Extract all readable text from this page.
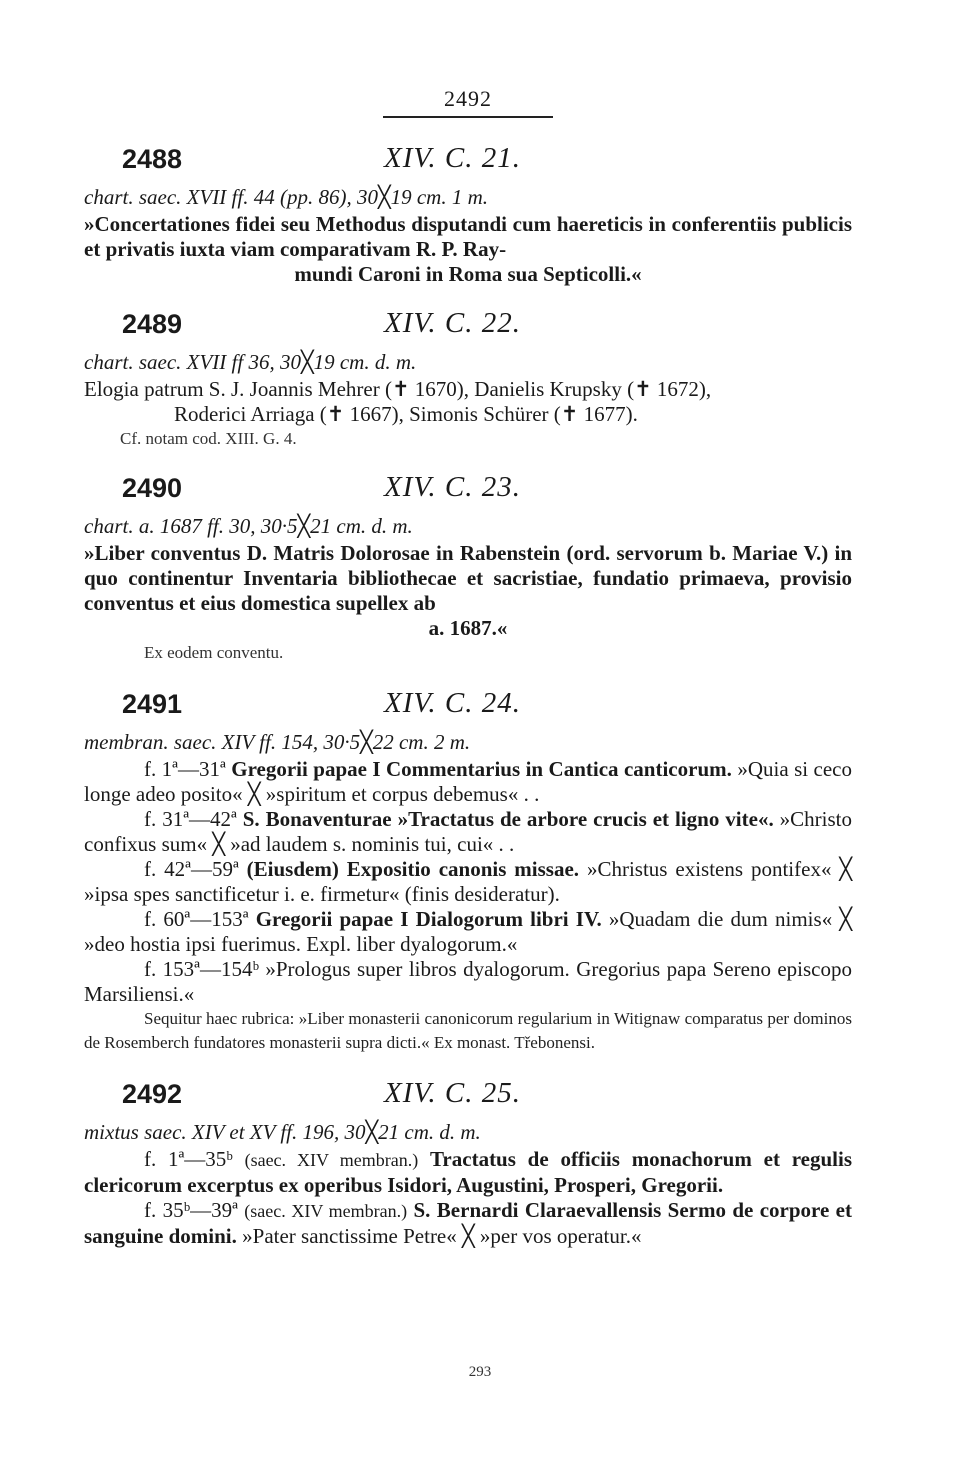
2492
2488	XIV. C. 21.
chart. saec. XVII ff. 44 (pp. 86), 30╳19 cm. 1 m.

»Concertationes fidei seu Methodus disputandi cum haereticis in conferentiis publicis et privatis iuxta viam comparativam R. P. Ray-

mundi Caroni in Roma sua Septicolli.«

2489	XIV. C. 22.
chart. saec. XVII ff 36, 30╳19 cm. d. m.

Elogia patrum S. J. Joannis Mehrer (✝ 1670), Danielis Krupsky (✝ 1672),

Roderici Arriaga (✝ 1667), Simonis Schürer (✝ 1677).

Cf. notam cod. XIII. G. 4.

2490	XIV. C. 23.
chart. a. 1687 ff. 30, 30·5╳21 cm. d. m.

»Liber conventus D. Matris Dolorosae in Rabenstein (ord. servorum b. Mariae V.) in quo continentur Inventaria bibliothecae et sacristiae, fundatio primaeva, provisio conventus et eius domestica supellex ab

a. 1687.«

Ex eodem conventu.

2491	XIV. C. 24.
membran. saec. XIV ff. 154, 30·5╳22 cm. 2 m.

f. 1ª—31ª Gregorii papae I Commentarius in Cantica canticorum. »Quia si ceco longe adeo posito« ╳ »spiritum et corpus debemus« . .

f. 31ª—42ª S. Bonaventurae »Tractatus de arbore crucis et ligno vite«. »Christo confixus sum« ╳ »ad laudem s. nominis tui, cui« . .

f. 42ª—59ª (Eiusdem) Expositio canonis missae. »Christus existens pontifex« ╳ »ipsa spes sanctificetur i. e. firmetur« (finis desideratur).

f. 60ª—153ª Gregorii papae I Dialogorum libri IV. »Quadam die dum nimis« ╳ »deo hostia ipsi fuerimus. Expl. liber dyalogorum.«

f. 153ª—154ᵇ »Prologus super libros dyalogorum. Gregorius papa Sereno episcopo Marsiliensi.«

Sequitur haec rubrica: »Liber monasterii canonicorum regularium in Witignaw comparatus per dominos de Rosemberch fundatores monasterii supra dicti.« Ex monast. Třebonensi.

2492	XIV. C. 25.
mixtus saec. XIV et XV ff. 196, 30╳21 cm. d. m.

f. 1ª—35ᵇ (saec. XIV membran.) Tractatus de officiis monachorum et regulis clericorum excerptus ex operibus Isidori, Augustini, Prosperi, Gregorii.

f. 35ᵇ—39ª (saec. XIV membran.) S. Bernardi Claraevallensis Sermo de corpore et sanguine domini. »Pater sanctissime Petre« ╳ »per vos operatur.«

293
